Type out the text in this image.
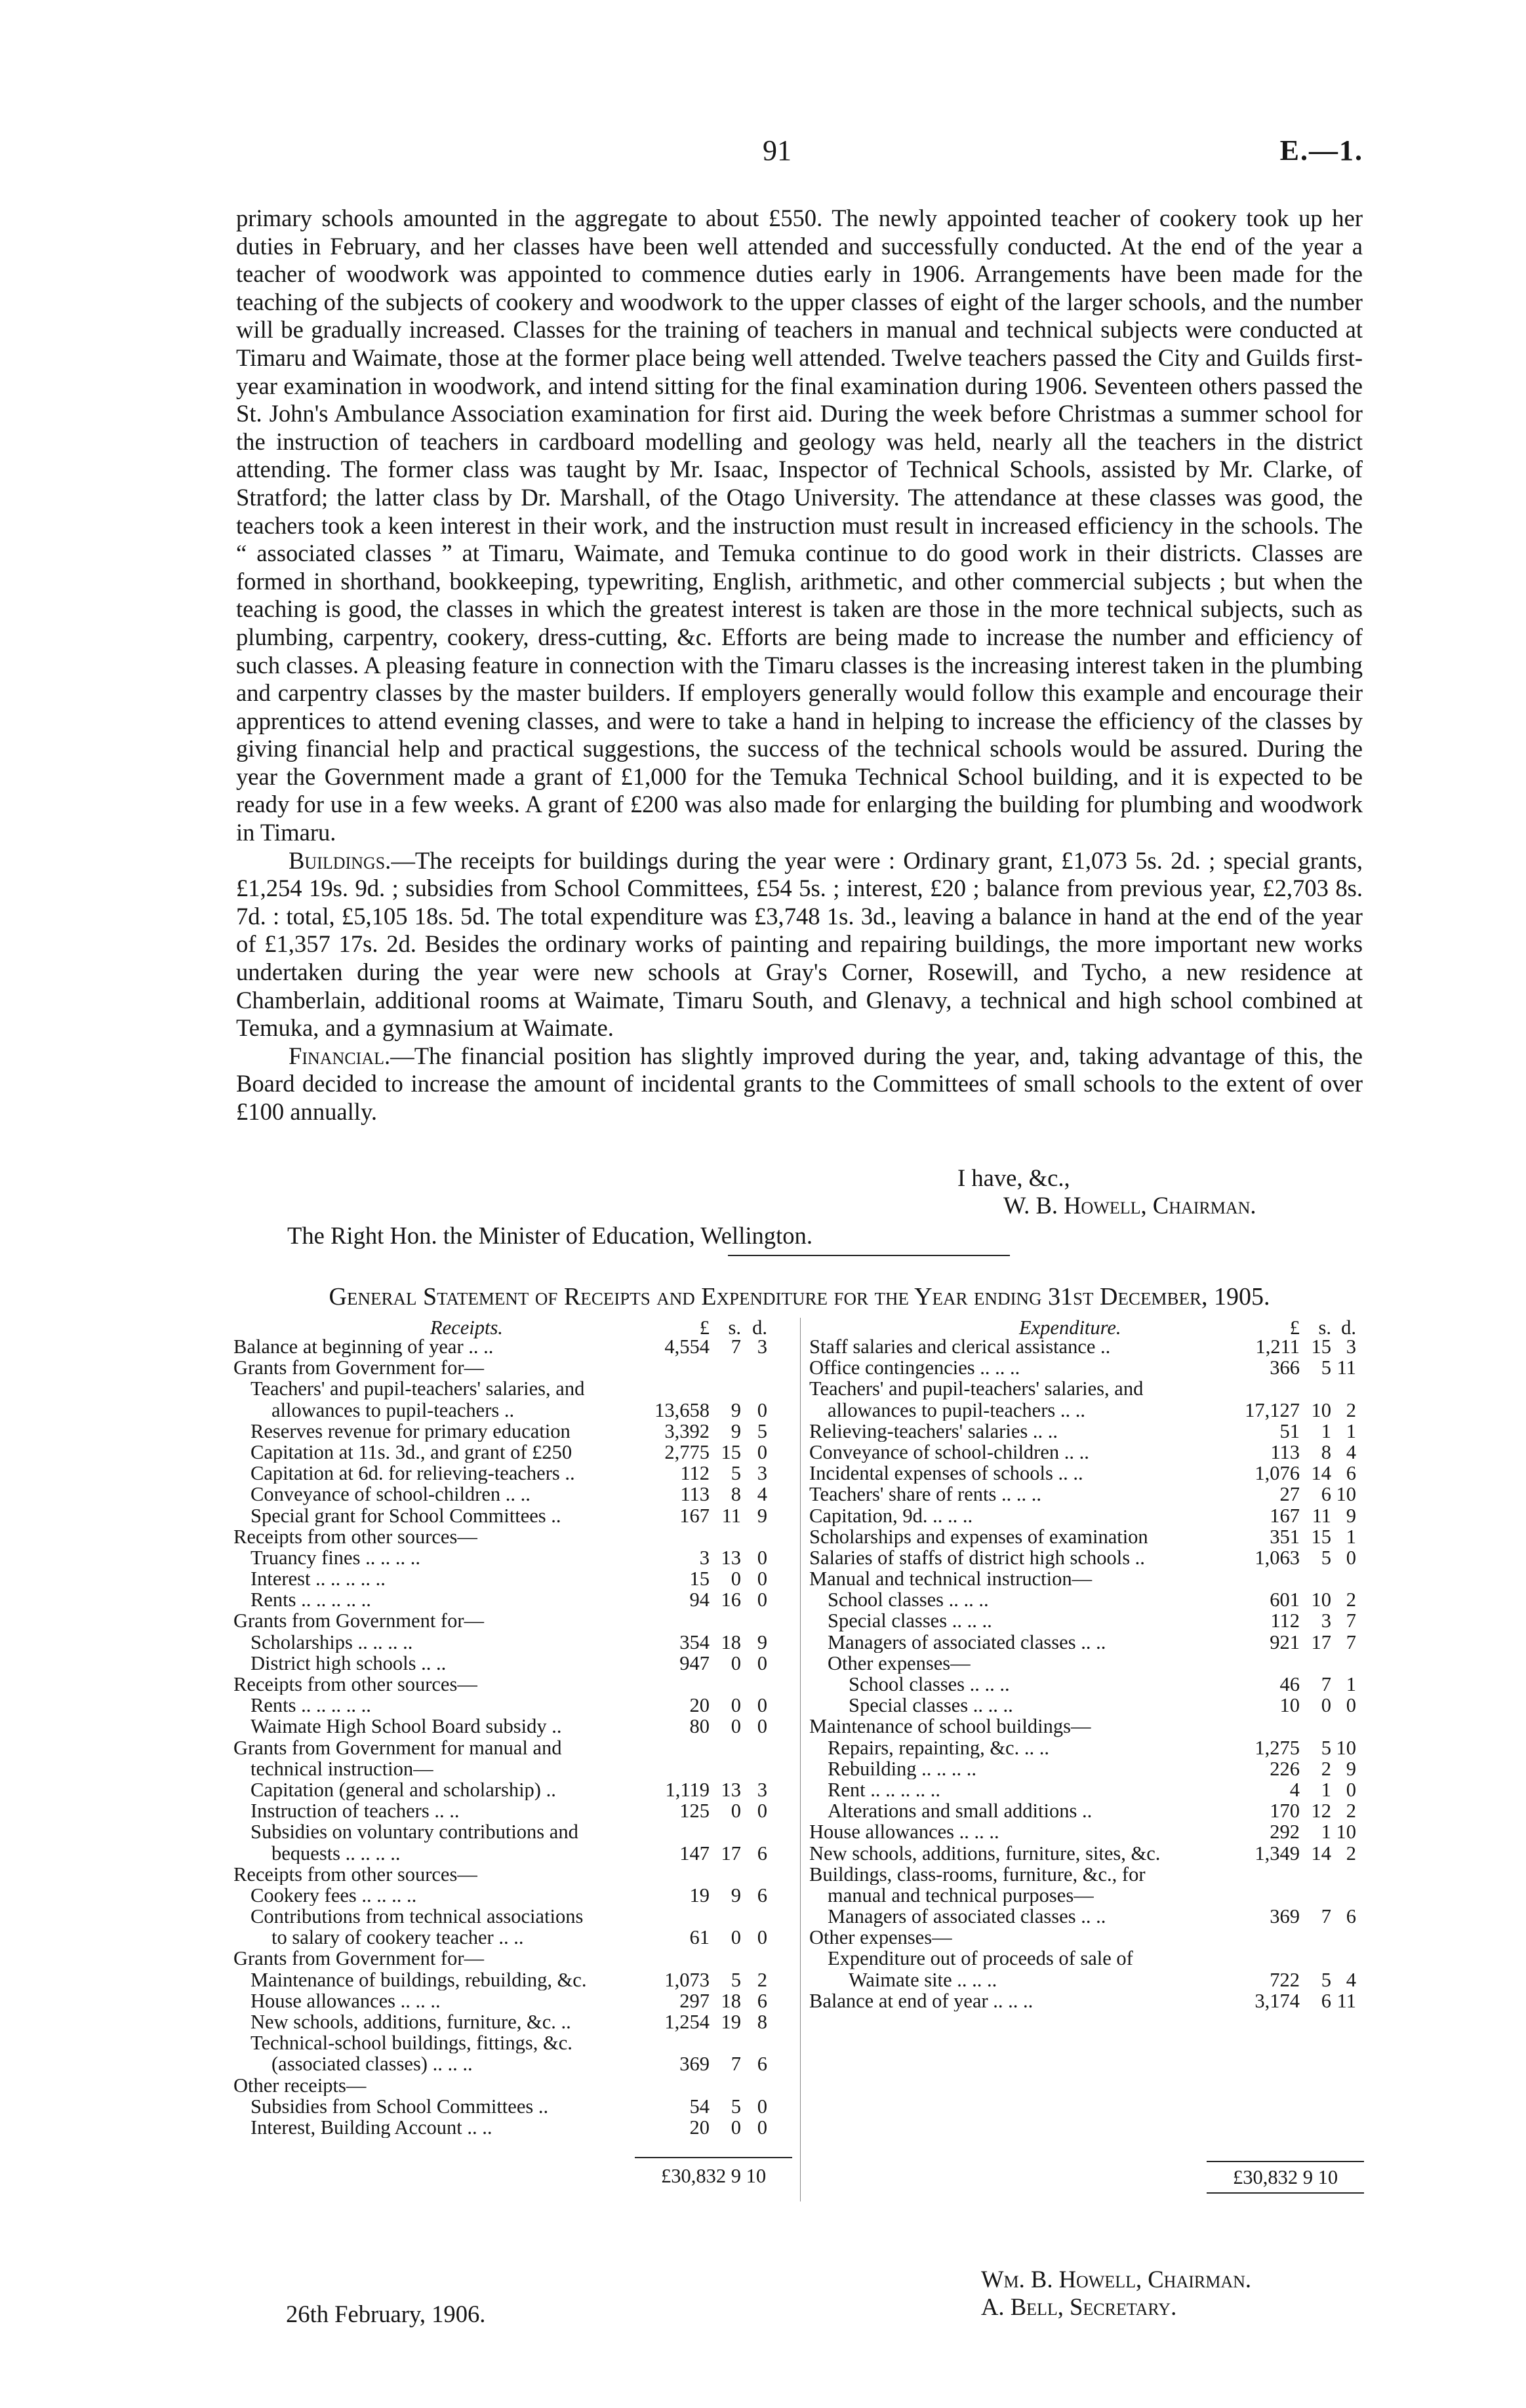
91	E.—1.

primary schools amounted in the aggregate to about £550. The newly appointed teacher of cookery took up her duties in February, and her classes have been well attended and successfully conducted. At the end of the year a teacher of woodwork was appointed to commence duties early in 1906. Arrangements have been made for the teaching of the subjects of cookery and woodwork to the upper classes of eight of the larger schools, and the number will be gradually increased. Classes for the training of teachers in manual and technical subjects were conducted at Timaru and Waimate, those at the former place being well attended. Twelve teachers passed the City and Guilds first-year examination in woodwork, and intend sitting for the final examination during 1906. Seventeen others passed the St. John's Ambulance Association examination for first aid. During the week before Christmas a summer school for the instruction of teachers in cardboard modelling and geology was held, nearly all the teachers in the district attending. The former class was taught by Mr. Isaac, Inspector of Technical Schools, assisted by Mr. Clarke, of Stratford; the latter class by Dr. Marshall, of the Otago University. The attendance at these classes was good, the teachers took a keen interest in their work, and the instruction must result in increased efficiency in the schools. The “ associated classes ” at Timaru, Waimate, and Temuka continue to do good work in their districts. Classes are formed in shorthand, bookkeeping, typewriting, English, arithmetic, and other commercial subjects ; but when the teaching is good, the classes in which the greatest interest is taken are those in the more technical subjects, such as plumbing, carpentry, cookery, dress-cutting, &c. Efforts are being made to increase the number and efficiency of such classes. A pleasing feature in connection with the Timaru classes is the increasing interest taken in the plumbing and carpentry classes by the master builders. If employers generally would follow this example and encourage their apprentices to attend evening classes, and were to take a hand in helping to increase the efficiency of the classes by giving financial help and practical suggestions, the success of the technical schools would be assured. During the year the Government made a grant of £1,000 for the Temuka Technical School building, and it is expected to be ready for use in a few weeks. A grant of £200 was also made for enlarging the building for plumbing and woodwork in Timaru.

Buildings.—The receipts for buildings during the year were : Ordinary grant, £1,073 5s. 2d. ; special grants, £1,254 19s. 9d. ; subsidies from School Committees, £54 5s. ; interest, £20 ; balance from previous year, £2,703 8s. 7d. : total, £5,105 18s. 5d. The total expenditure was £3,748 1s. 3d., leaving a balance in hand at the end of the year of £1,357 17s. 2d. Besides the ordinary works of painting and repairing buildings, the more important new works undertaken during the year were new schools at Gray's Corner, Rosewill, and Tycho, a new residence at Chamberlain, additional rooms at Waimate, Timaru South, and Glenavy, a technical and high school combined at Temuka, and a gymnasium at Waimate.

Financial.—The financial position has slightly improved during the year, and, taking advantage of this, the Board decided to increase the amount of incidental grants to the Committees of small schools to the extent of over £100 annually.

I have, &c.,
W. B. Howell, Chairman.
The Right Hon. the Minister of Education, Wellington.
General Statement of Receipts and Expenditure for the Year ending 31st December, 1905.
Receipts.	£ s. d.
Balance at beginning of year .. ..	4,554	7 3
Grants from Government for—
Teachers' and pupil-teachers' salaries, and
allowances to pupil-teachers ..	13,658	9 0
Reserves revenue for primary education	3,392	9 5
Capitation at 11s. 3d., and grant of £250	2,775 15 0
Capitation at 6d. for relieving-teachers ..	112	5 3
Conveyance of school-children .. ..	113	8 4
Special grant for School Committees ..	167 11 9
Receipts from other sources—
Truancy fines .. .. .. ..	3 13 0
Interest .. .. .. .. ..	15	0 0
Rents .. .. .. .. ..	94 16 0
Grants from Government for—
Scholarships .. .. .. ..	354 18 9
District high schools .. ..	947	0 0
Receipts from other sources—
Rents .. .. .. .. ..	20	0 0
Waimate High School Board subsidy ..	80	0 0
Grants from Government for manual and
technical instruction—
Capitation (general and scholarship) ..	1,119 13 3
Instruction of teachers .. ..	125	0 0
Subsidies on voluntary contributions and
bequests .. .. .. ..	147 17 6
Receipts from other sources—
Cookery fees .. .. .. ..	19	9 6
Contributions from technical associations
to salary of cookery teacher .. ..	61	0 0
Grants from Government for—
Maintenance of buildings, rebuilding, &c.	1,073	5 2
House allowances .. .. ..	297 18 6
New schools, additions, furniture, &c. ..	1,254 19 8
Technical-school buildings, fittings, &c.
(associated classes) .. .. ..	369	7 6
Other receipts—
Subsidies from School Committees ..	54	5 0
Interest, Building Account .. ..	20	0 0
Expenditure.	£ s. d.
Staff salaries and clerical assistance ..	1,211 15 3
Office contingencies .. .. ..	366	5 11
Teachers' and pupil-teachers' salaries, and
allowances to pupil-teachers .. ..	17,127 10 2
Relieving-teachers' salaries .. ..	51	1 1
Conveyance of school-children .. ..	113	8 4
Incidental expenses of schools .. ..	1,076 14 6
Teachers' share of rents .. .. ..	27	6 10
Capitation, 9d. .. .. ..	167 11 9
Scholarships and expenses of examination	351 15 1
Salaries of staffs of district high schools ..	1,063	5 0
Manual and technical instruction—
School classes .. .. ..	601 10 2
Special classes .. .. ..	112	3 7
Managers of associated classes .. ..	921 17 7
Other expenses—
School classes .. .. ..	46	7 1
Special classes .. .. ..	10	0 0
Maintenance of school buildings—
Repairs, repainting, &c. .. ..	1,275	5 10
Rebuilding .. .. .. ..	226	2 9
Rent .. .. .. .. ..	4	1 0
Alterations and small additions ..	170 12 2
House allowances .. .. ..	292	1 10
New schools, additions, furniture, sites, &c.	1,349 14 2
Buildings, class-rooms, furniture, &c., for
manual and technical purposes—
Managers of associated classes .. ..	369	7 6
Other expenses—
Expenditure out of proceeds of sale of
Waimate site .. .. ..	722	5 4
Balance at end of year .. .. ..	3,174	6 11
£30,832 9 10	£30,832 9 10
Wm. B. Howell, Chairman.
A. Bell, Secretary.
26th February, 1906.
